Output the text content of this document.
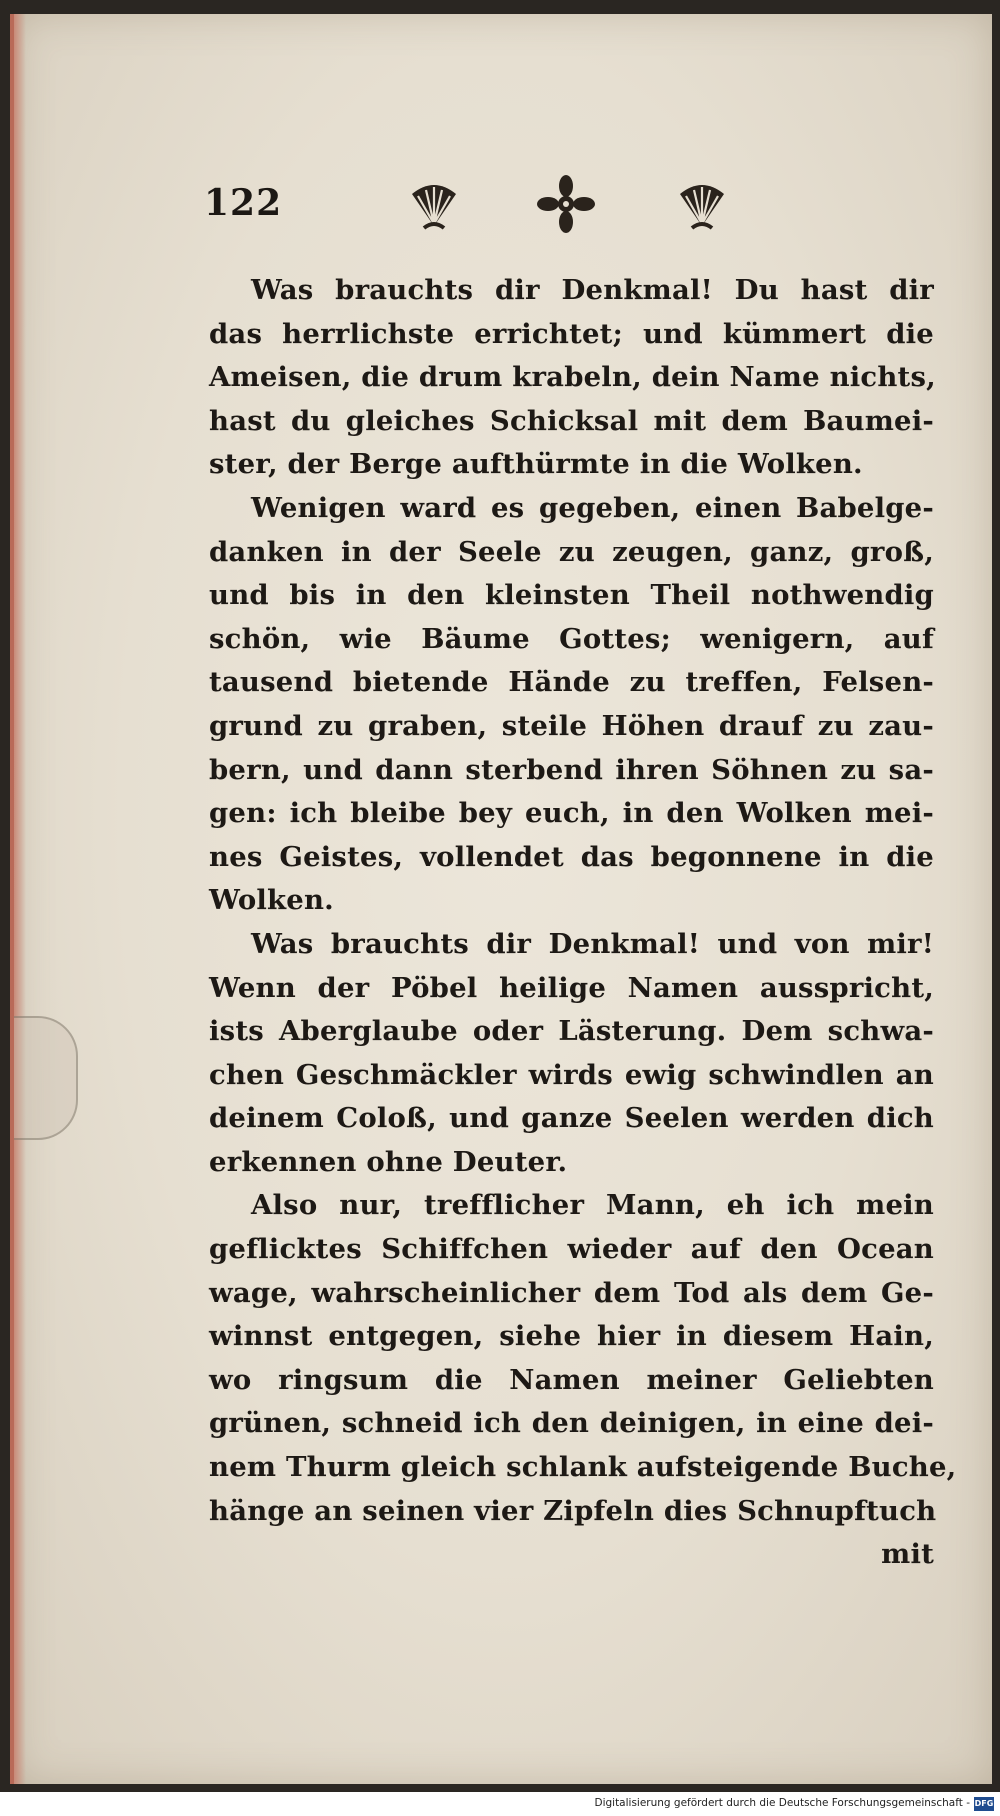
122
Was brauchts dir Denkmal! Du hast dir
das herrlichste errichtet; und kümmert die
Ameisen, die drum krabeln, dein Name nichts,
hast du gleiches Schicksal mit dem Baumei-
ster, der Berge aufthürmte in die Wolken.
Wenigen ward es gegeben, einen Babelge-
danken in der Seele zu zeugen, ganz, groß,
und bis in den kleinsten Theil nothwendig
schön, wie Bäume Gottes; wenigern, auf
tausend bietende Hände zu treffen, Felsen-
grund zu graben, steile Höhen drauf zu zau-
bern, und dann sterbend ihren Söhnen zu sa-
gen: ich bleibe bey euch, in den Wolken mei-
nes Geistes, vollendet das begonnene in die
Wolken.
Was brauchts dir Denkmal! und von mir!
Wenn der Pöbel heilige Namen ausspricht,
ists Aberglaube oder Lästerung. Dem schwa-
chen Geschmäckler wirds ewig schwindlen an
deinem Coloß, und ganze Seelen werden dich
erkennen ohne Deuter.
Also nur, trefflicher Mann, eh ich mein
geflicktes Schiffchen wieder auf den Ocean
wage, wahrscheinlicher dem Tod als dem Ge-
winnst entgegen, siehe hier in diesem Hain,
wo ringsum die Namen meiner Geliebten
grünen, schneid ich den deinigen, in eine dei-
nem Thurm gleich schlank aufsteigende Buche,
hänge an seinen vier Zipfeln dies Schnupftuch
mit
Digitalisierung gefördert durch die Deutsche Forschungsgemeinschaft - DFG
